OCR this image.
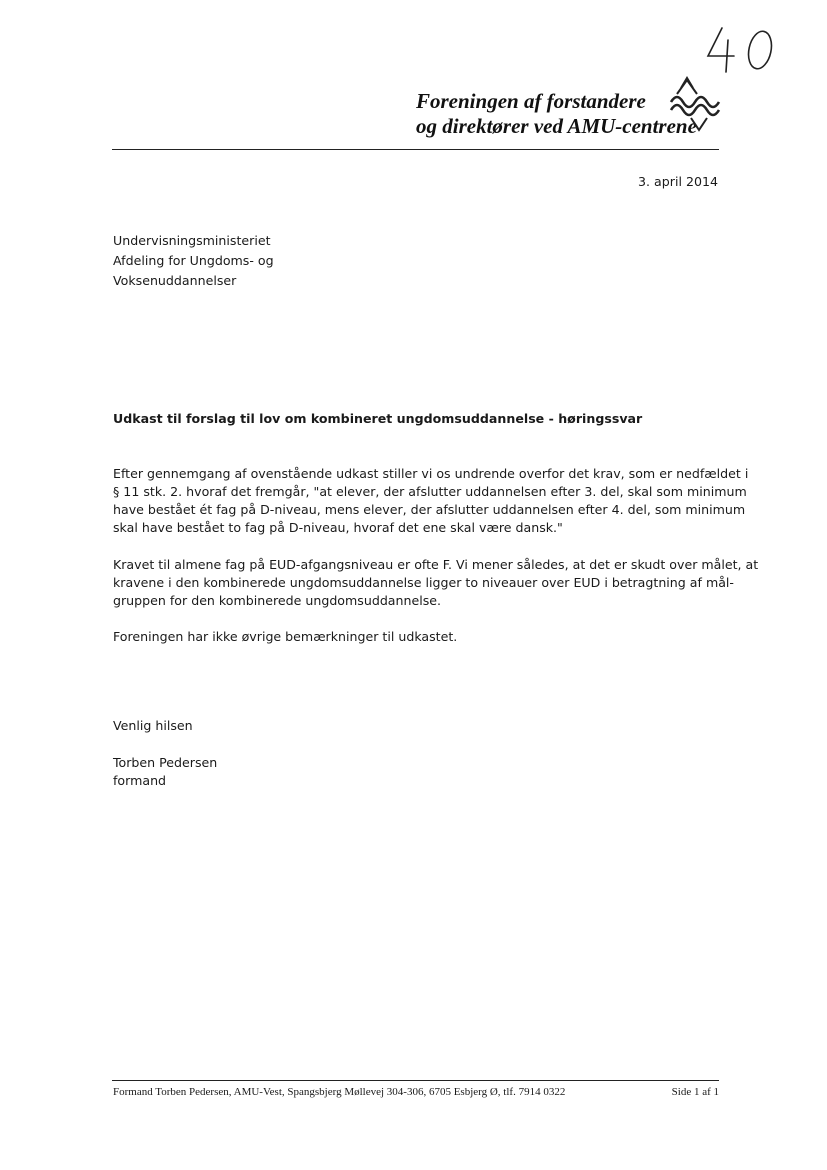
Foreningen af forstandere
og direktører ved AMU-centrene
3. april 2014
Undervisningsministeriet
Afdeling for Ungdoms- og
Voksenuddannelser
Udkast til forslag til lov om kombineret ungdomsuddannelse - høringssvar
Efter gennemgang af ovenstående udkast stiller vi os undrende overfor det krav, som er nedfældet i
§ 11 stk. 2. hvoraf det fremgår, "at elever, der afslutter uddannelsen efter 3. del, skal som minimum
have bestået ét fag på D-niveau, mens elever, der afslutter uddannelsen efter 4. del, som minimum
skal have bestået to fag på D-niveau, hvoraf det ene skal være dansk."
Kravet til almene fag på EUD-afgangsniveau er ofte F. Vi mener således, at det er skudt over målet, at
kravene i den kombinerede ungdomsuddannelse ligger to niveauer over EUD i betragtning af mål-
gruppen for den kombinerede ungdomsuddannelse.
Foreningen har ikke øvrige bemærkninger til udkastet.
Venlig hilsen
Torben Pedersen
formand
Formand Torben Pedersen, AMU-Vest, Spangsbjerg Møllevej 304-306, 6705 Esbjerg Ø, tlf. 7914 0322	Side 1 af 1
